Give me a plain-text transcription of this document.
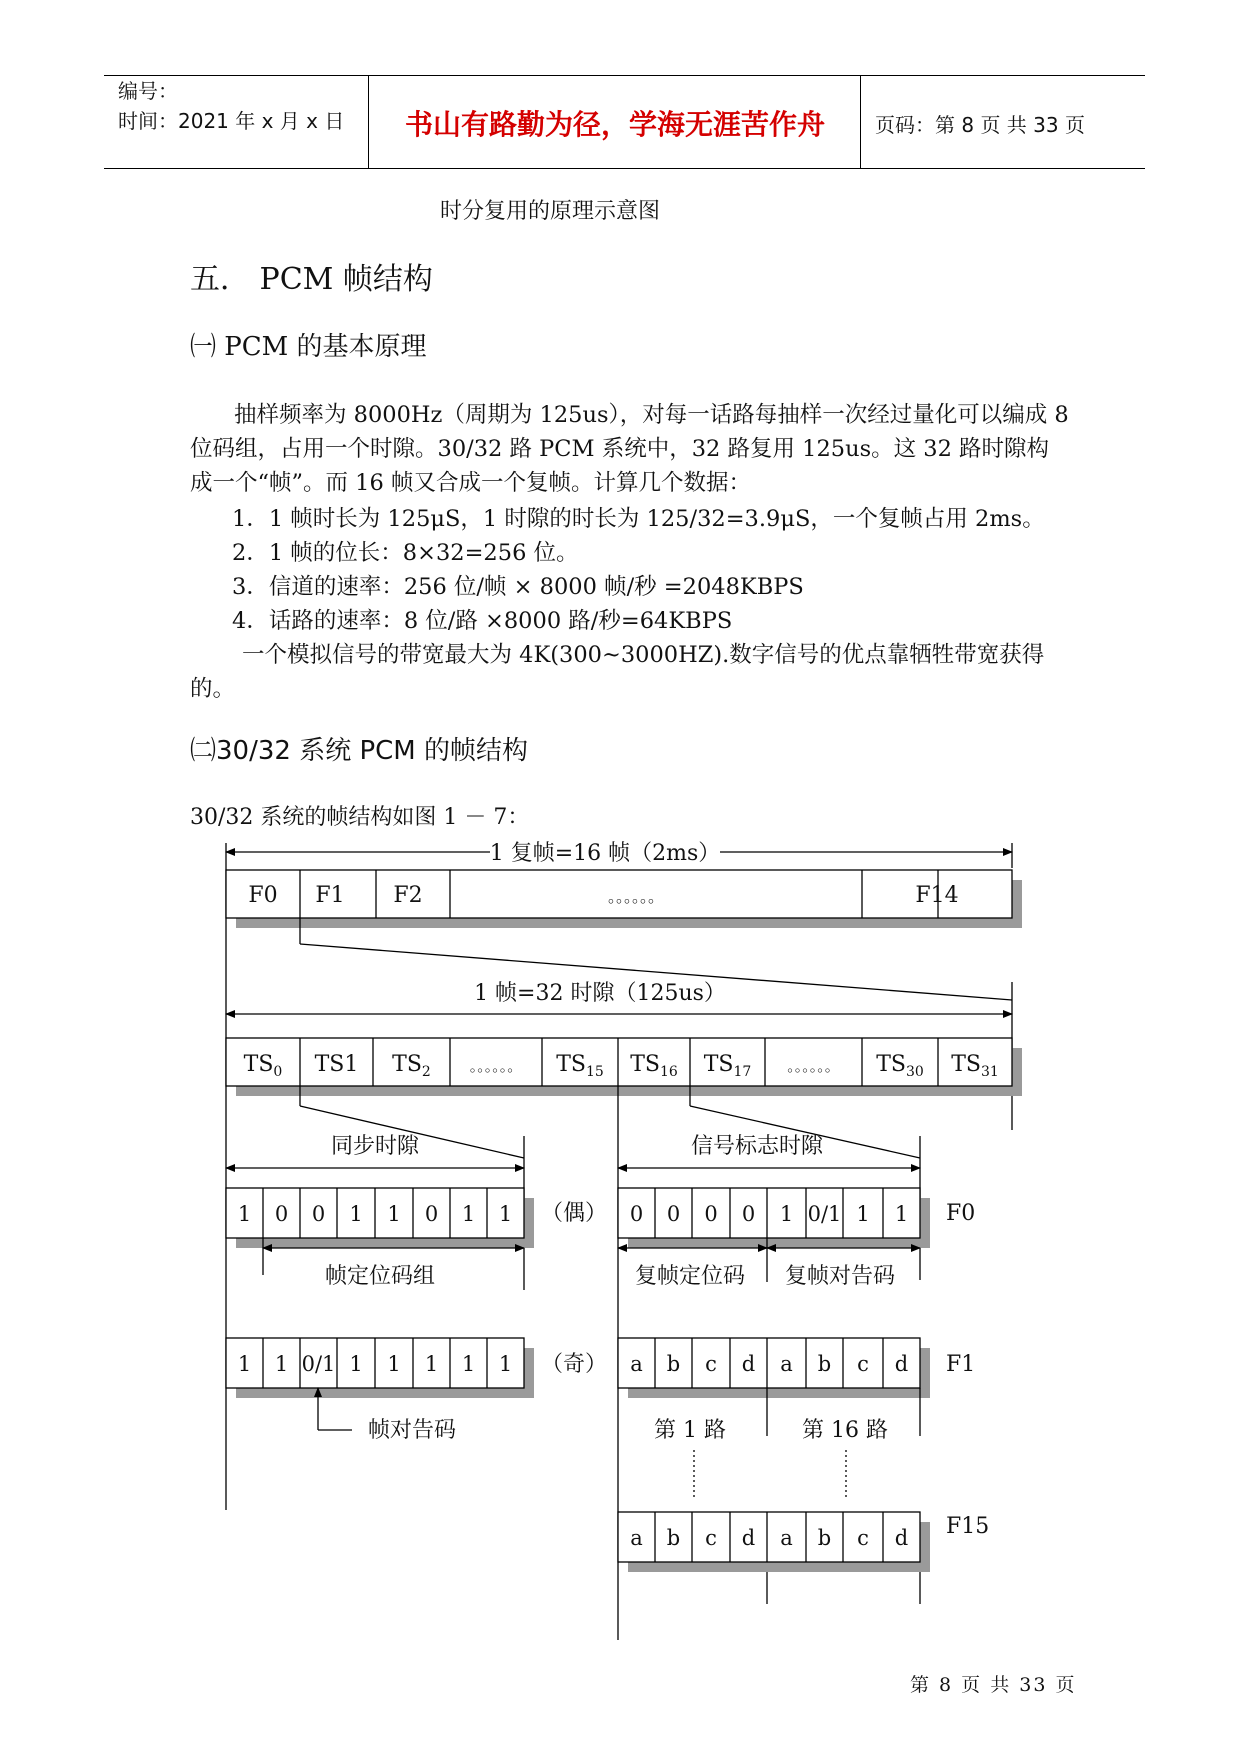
编号：
时间：2021 年 x 月 x 日	书山有路勤为径，学海无涯苦作舟	页码：第 8 页 共 33 页
时分复用的原理示意图
五． PCM 帧结构
㈠ PCM 的基本原理
抽样频率为 8000Hz（周期为 125us），对每一话路每抽样一次经过量化可以编成 8 位码组，占用一个时隙。30/32 路 PCM 系统中，32 路复用 125us。这 32 路时隙构成一个“帧”。而 16 帧又合成一个复帧。计算几个数据：
1．1 帧时长为 125μS，1 时隙的时长为 125/32=3.9μS，一个复帧占用 2ms。
2．1 帧的位长：8×32=256 位。
3．信道的速率：256 位/帧 × 8000 帧/秒 =2048KBPS
4．话路的速率：8 位/路 ×8000 路/秒=64KBPS
一个模拟信号的带宽最大为 4K(300~3000HZ).数字信号的优点靠牺牲带宽获得的。
㈡30/32 系统 PCM 的帧结构
30/32 系统的帧结构如图 1 － 7：
1 复帧=16 帧（2ms）
F0 F1 F2	。。。。。。	F14
1 帧=32 时隙（125us）
$TS_0$ TS1 $TS_2$	。。。。。。 $TS_{15}$ $TS_{16}$ $TS_{17}$ 。。。。。。 $TS_{30}$ $TS_{31}$
同步时隙
1 0 0 1 1 0 1 1 （偶）
帧定位码组
1 1 0/1 1 1 1 1 1 （奇）
帧对告码
信号标志时隙
0 0 0 0 1 0/1 1 1 F0
复帧定位码 复帧对告码
a b c d a b c d F1
第 1 路	第 16 路
a b c d a b c d F15
第 8 页 共 33 页
